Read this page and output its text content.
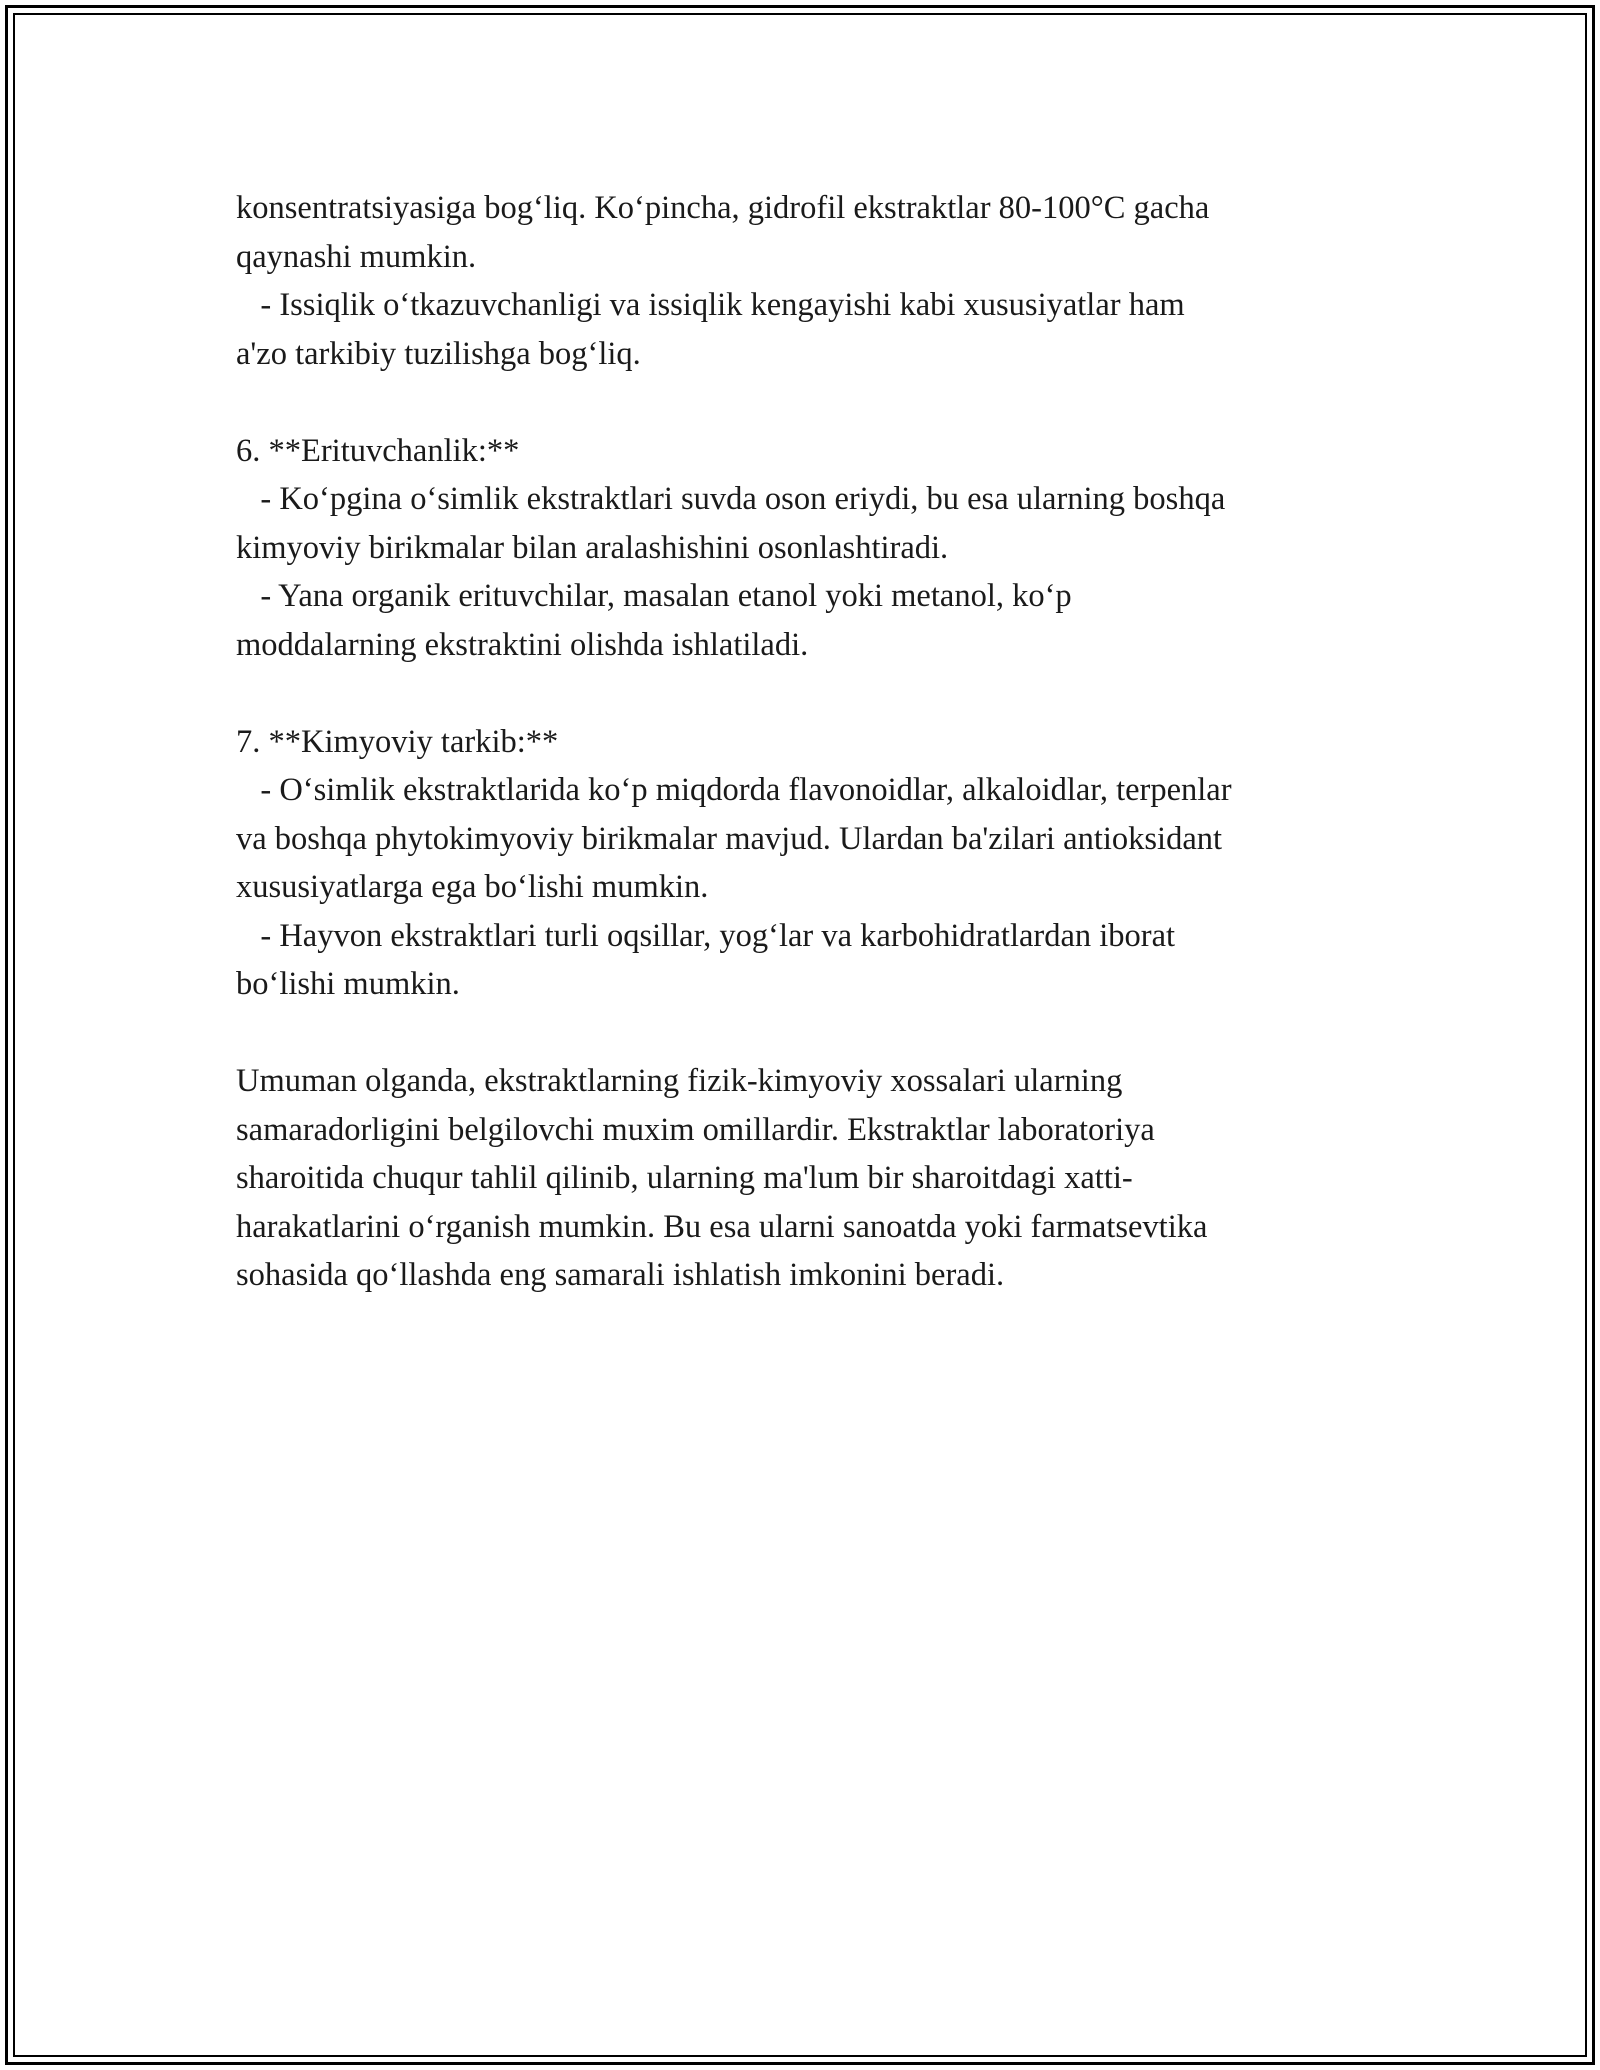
konsentratsiyasiga bog‘liq. Ko‘pincha, gidrofil ekstraktlar 80-100°C gacha
qaynashi mumkin.
- Issiqlik o‘tkazuvchanligi va issiqlik kengayishi kabi xususiyatlar ham
a'zo tarkibiy tuzilishga bog‘liq.
6. **Erituvchanlik:**
- Ko‘pgina o‘simlik ekstraktlari suvda oson eriydi, bu esa ularning boshqa
kimyoviy birikmalar bilan aralashishini osonlashtiradi.
- Yana organik erituvchilar, masalan etanol yoki metanol, ko‘p
moddalarning ekstraktini olishda ishlatiladi.
7. **Kimyoviy tarkib:**
- O‘simlik ekstraktlarida ko‘p miqdorda flavonoidlar, alkaloidlar, terpenlar
va boshqa phytokimyoviy birikmalar mavjud. Ulardan ba'zilari antioksidant
xususiyatlarga ega bo‘lishi mumkin.
- Hayvon ekstraktlari turli oqsillar, yog‘lar va karbohidratlardan iborat
bo‘lishi mumkin.
Umuman olganda, ekstraktlarning fizik-kimyoviy xossalari ularning
samaradorligini belgilovchi muxim omillardir. Ekstraktlar laboratoriya
sharoitida chuqur tahlil qilinib, ularning ma'lum bir sharoitdagi xatti-
harakatlarini o‘rganish mumkin. Bu esa ularni sanoatda yoki farmatsevtika
sohasida qo‘llashda eng samarali ishlatish imkonini beradi.
